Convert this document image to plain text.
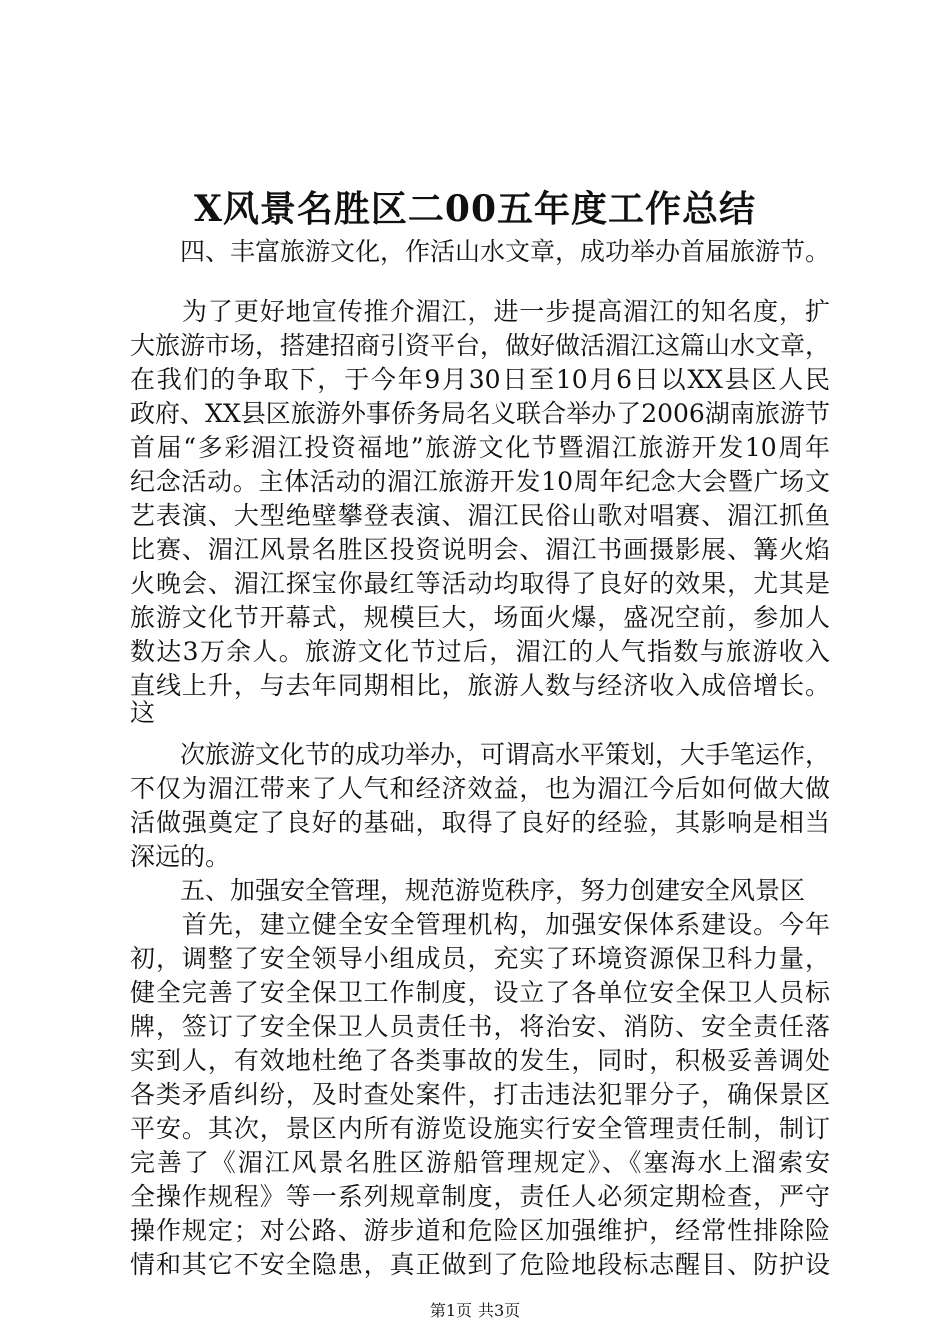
X风景名胜区二00五年度工作总结
　　四、丰富旅游文化，作活山水文章，成功举办首届旅游节。
　　为了更好地宣传推介湄江，进一步提高湄江的知名度，扩
大旅游市场，搭建招商引资平台，做好做活湄江这篇山水文章，
在我们的争取下，于今年9月30日至10月6日以XX县区人民
政府、XX县区旅游外事侨务局名义联合举办了2006湖南旅游节
首届“多彩湄江投资福地”旅游文化节暨湄江旅游开发10周年
纪念活动。主体活动的湄江旅游开发10周年纪念大会暨广场文
艺表演、大型绝壁攀登表演、湄江民俗山歌对唱赛、湄江抓鱼
比赛、湄江风景名胜区投资说明会、湄江书画摄影展、篝火焰
火晚会、湄江探宝你最红等活动均取得了良好的效果，尤其是
旅游文化节开幕式，规模巨大，场面火爆，盛况空前，参加人
数达3万余人。旅游文化节过后，湄江的人气指数与旅游收入
直线上升，与去年同期相比，旅游人数与经济收入成倍增长。
这
　　次旅游文化节的成功举办，可谓高水平策划，大手笔运作，
不仅为湄江带来了人气和经济效益，也为湄江今后如何做大做
活做强奠定了良好的基础，取得了良好的经验，其影响是相当
深远的。
　　五、加强安全管理，规范游览秩序，努力创建安全风景区
　　首先，建立健全安全管理机构，加强安保体系建设。今年
初，调整了安全领导小组成员，充实了环境资源保卫科力量，
健全完善了安全保卫工作制度，设立了各单位安全保卫人员标
牌，签订了安全保卫人员责任书，将治安、消防、安全责任落
实到人，有效地杜绝了各类事故的发生，同时，积极妥善调处
各类矛盾纠纷，及时查处案件，打击违法犯罪分子，确保景区
平安。其次，景区内所有游览设施实行安全管理责任制，制订
完善了《湄江风景名胜区游船管理规定》、《塞海水上溜索安
全操作规程》等一系列规章制度，责任人必须定期检查，严守
操作规定；对公路、游步道和危险区加强维护，经常性排除险
情和其它不安全隐患，真正做到了危险地段标志醒目、防护设
第1页 共3页
